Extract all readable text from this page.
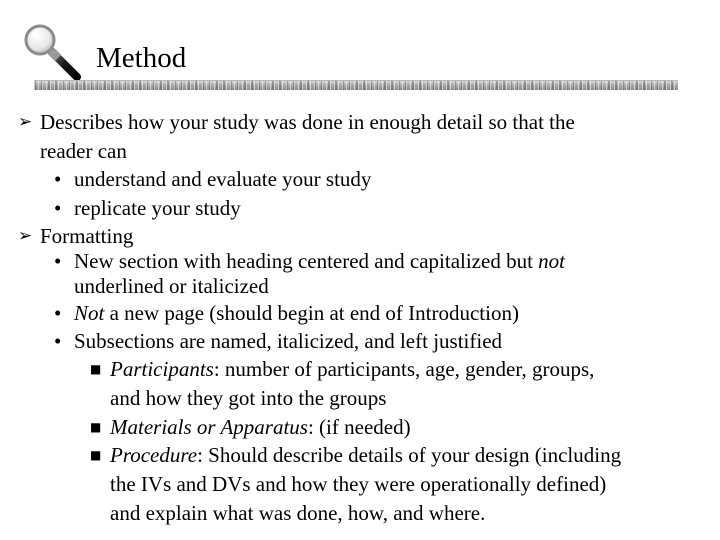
Method
➢ Describes how your study was done in enough detail so that the
reader can
• understand and evaluate your study
• replicate your study
➢ Formatting
• New section with heading centered and capitalized but not
underlined or italicized
• Not a new page (should begin at end of Introduction)
• Subsections are named, italicized, and left justified
■ Participants: number of participants, age, gender, groups,
and how they got into the groups
■ Materials or Apparatus: (if needed)
■ Procedure: Should describe details of your design (including
the IVs and DVs and how they were operationally defined)
and explain what was done, how, and where.
